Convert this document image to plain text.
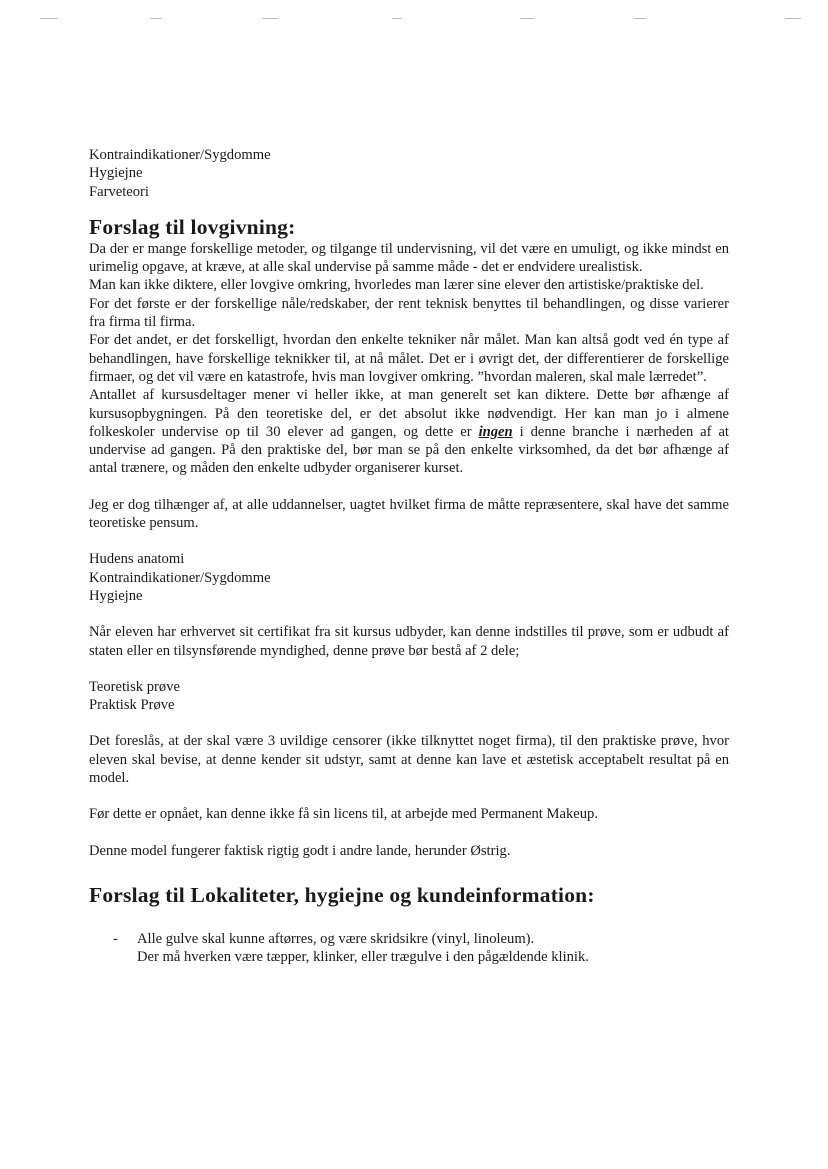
Kontraindikationer/Sygdomme

Hygiejne

Farveteori

Forslag til lovgivning:

Da der er mange forskellige metoder, og tilgange til undervisning, vil det være en umuligt, og ikke mindst en urimelig opgave, at kræve, at alle skal undervise på samme måde - det er endvidere urealistisk.

Man kan ikke diktere, eller lovgive omkring, hvorledes man lærer sine elever den artistiske/praktiske del.

For det første er der forskellige nåle/redskaber, der rent teknisk benyttes til behandlingen, og disse varierer fra firma til firma.

For det andet, er det forskelligt, hvordan den enkelte tekniker når målet. Man kan altså godt ved én type af behandlingen, have forskellige teknikker til, at nå målet. Det er i øvrigt det, der differentierer de forskellige firmaer, og det vil være en katastrofe, hvis man lovgiver omkring. ”hvordan maleren, skal male lærredet”.

Antallet af kursusdeltager mener vi heller ikke, at man generelt set kan diktere. Dette bør afhænge af kursusopbygningen. På den teoretiske del, er det absolut ikke nødvendigt. Her kan man jo i almene folkeskoler undervise op til 30 elever ad gangen, og dette er ingen i denne branche i nærheden af at undervise ad gangen. På den praktiske del, bør man se på den enkelte virksomhed, da det bør afhænge af antal trænere, og måden den enkelte udbyder organiserer kurset.

Jeg er dog tilhænger af, at alle uddannelser, uagtet hvilket firma de måtte repræsentere, skal have det samme teoretiske pensum.

Hudens anatomi

Kontraindikationer/Sygdomme

Hygiejne

Når eleven har erhvervet sit certifikat fra sit kursus udbyder, kan denne indstilles til prøve, som er udbudt af staten eller en tilsynsførende myndighed, denne prøve bør bestå af 2 dele;

Teoretisk prøve

Praktisk Prøve

Det foreslås, at der skal være 3 uvildige censorer (ikke tilknyttet noget firma), til den praktiske prøve, hvor eleven skal bevise, at denne kender sit udstyr, samt at denne kan lave et æstetisk acceptabelt resultat på en model.

Før dette er opnået, kan denne ikke få sin licens til, at arbejde med Permanent Makeup.

Denne model fungerer faktisk rigtig godt i andre lande, herunder Østrig.

Forslag til Lokaliteter, hygiejne og kundeinformation:
- Alle gulve skal kunne aftørres, og være skridsikre (vinyl, linoleum).
Der må hverken være tæpper, klinker, eller trægulve i den pågældende klinik.
